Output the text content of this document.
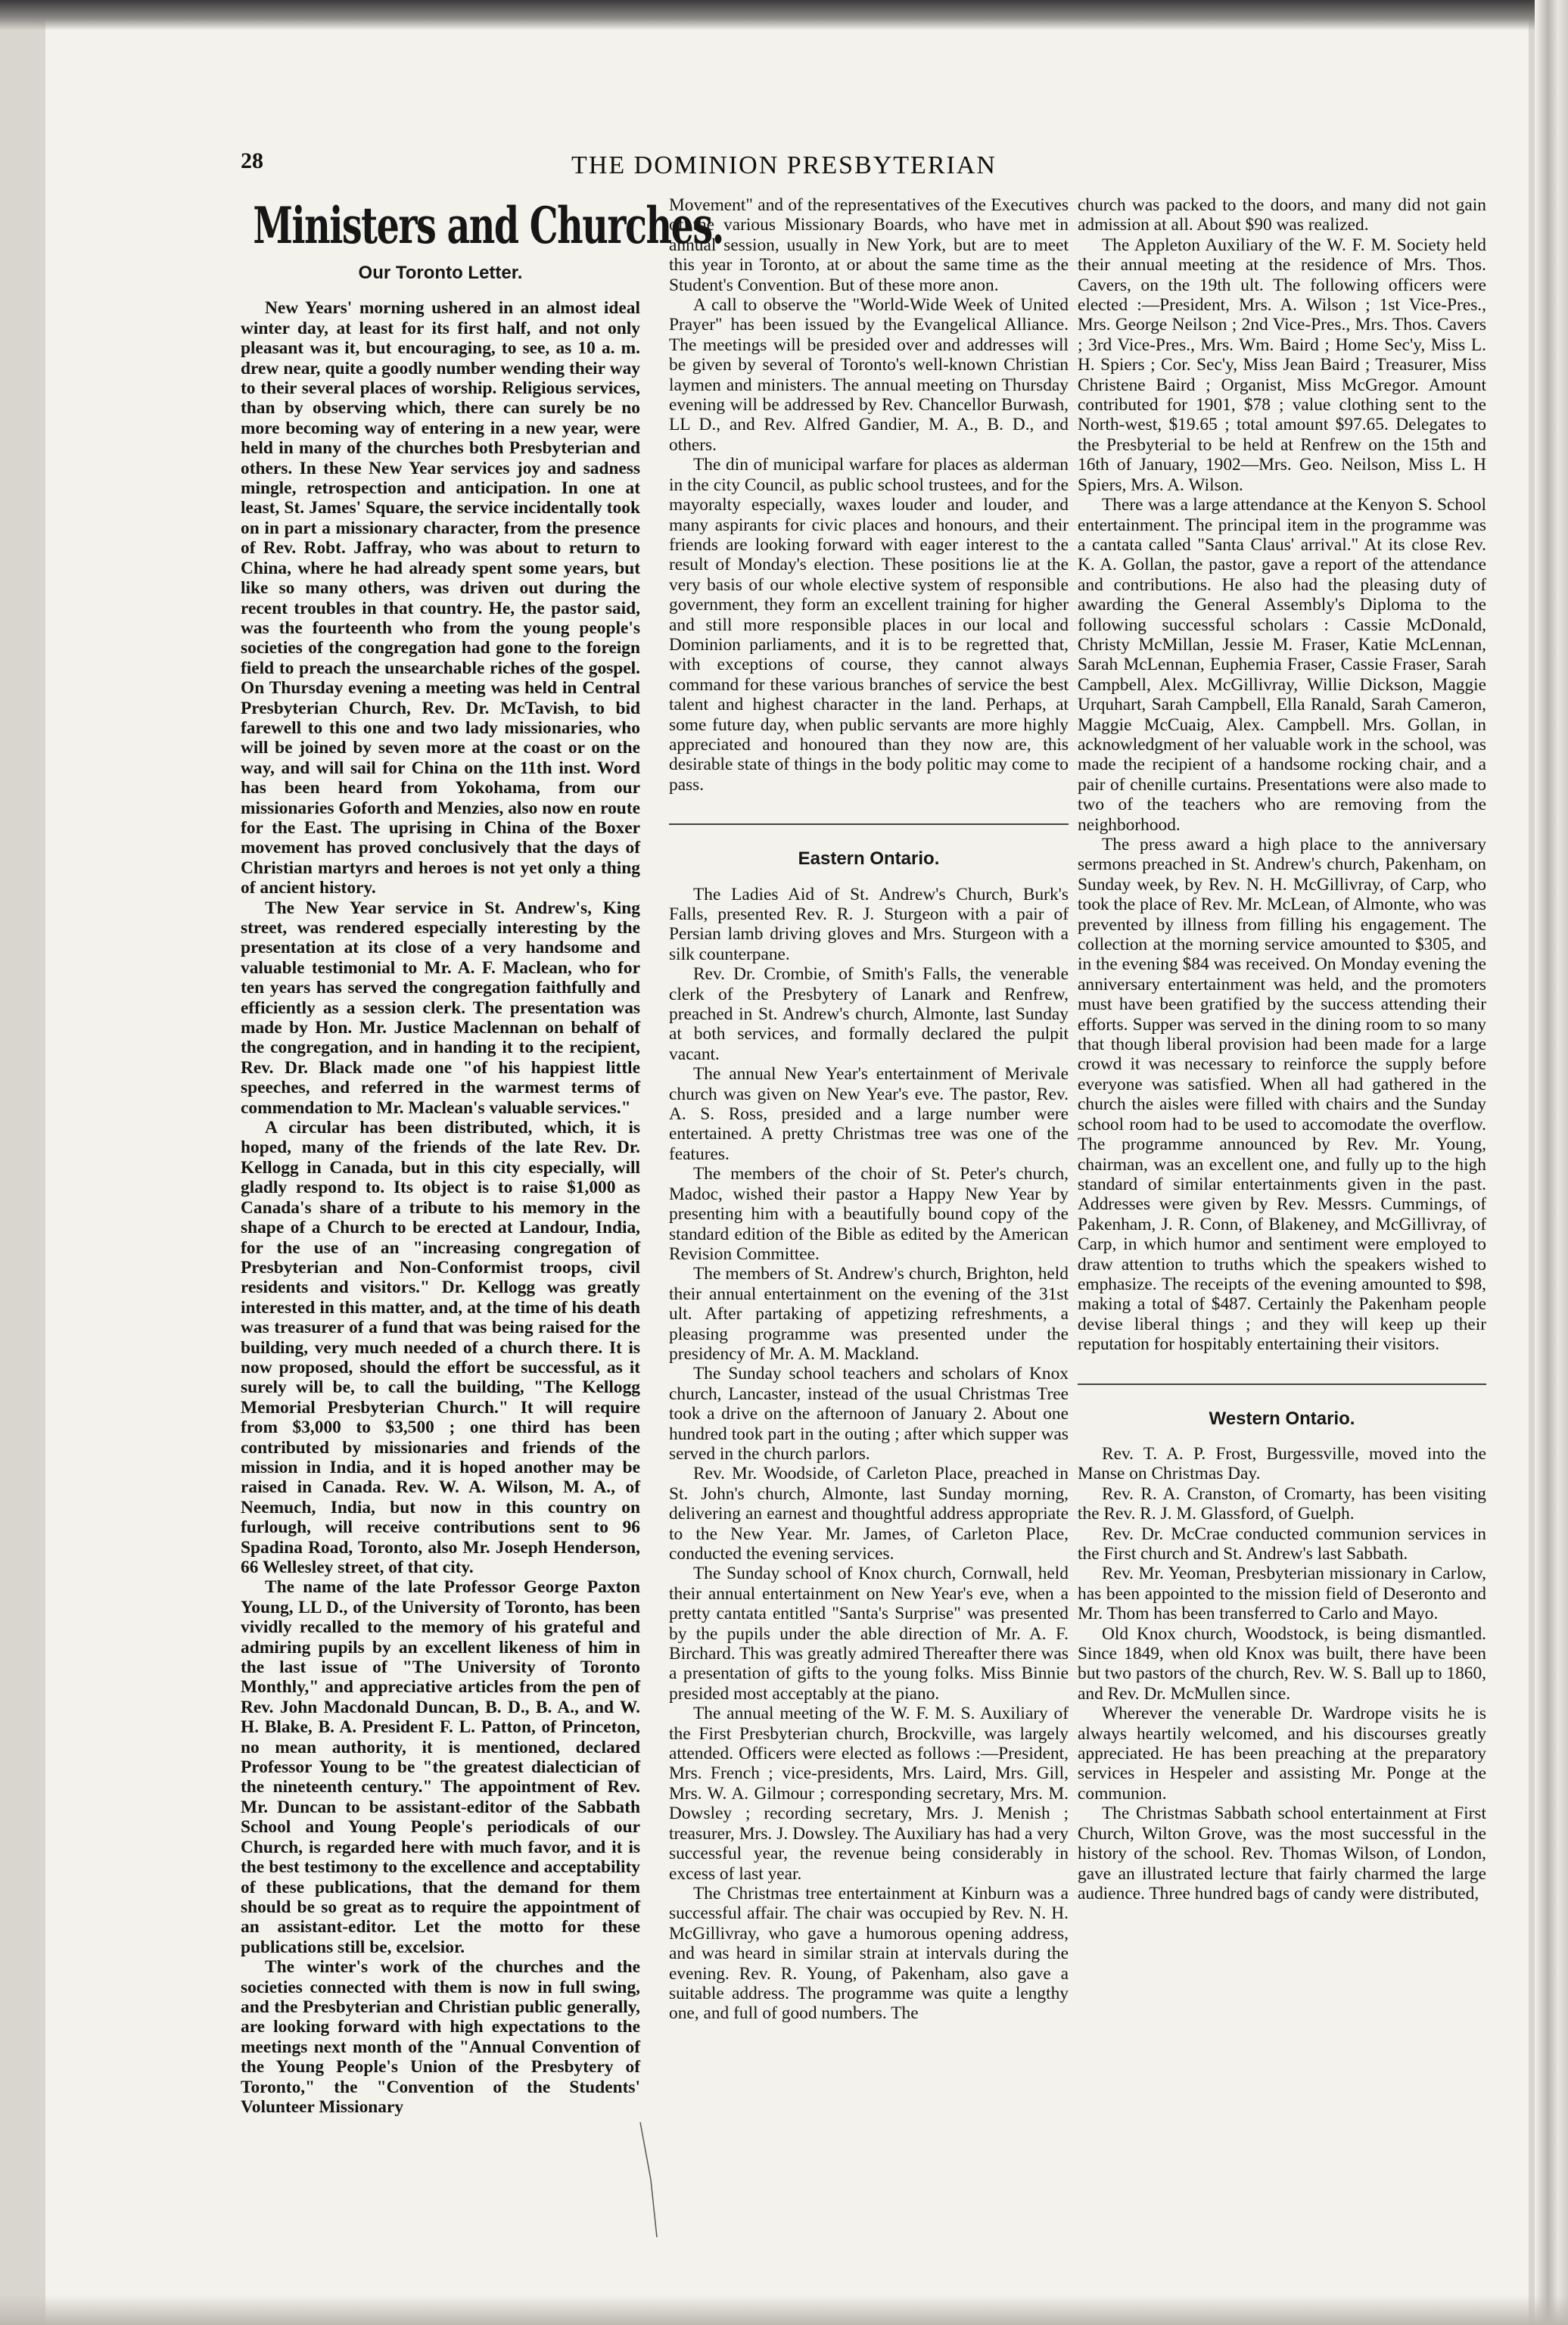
28	THE DOMINION PRESBYTERIAN
Ministers and Churches.
Our Toronto Letter.

New Years' morning ushered in an almost ideal winter day, at least for its first half, and not only pleasant was it, but encouraging, to see, as 10 a. m. drew near, quite a goodly number wending their way to their several places of worship. Religious services, than by observing which, there can surely be no more becoming way of entering in a new year, were held in many of the churches both Presbyterian and others. In these New Year services joy and sadness mingle, retrospection and anticipation. In one at least, St. James' Square, the service incidentally took on in part a missionary character, from the presence of Rev. Robt. Jaffray, who was about to return to China, where he had already spent some years, but like so many others, was driven out during the recent troubles in that country. He, the pastor said, was the fourteenth who from the young people's societies of the congregation had gone to the foreign field to preach the unsearchable riches of the gospel. On Thursday evening a meeting was held in Central Presbyterian Church, Rev. Dr. McTavish, to bid farewell to this one and two lady missionaries, who will be joined by seven more at the coast or on the way, and will sail for China on the 11th inst. Word has been heard from Yokohama, from our missionaries Goforth and Menzies, also now en route for the East. The uprising in China of the Boxer movement has proved conclusively that the days of Christian martyrs and heroes is not yet only a thing of ancient history.

The New Year service in St. Andrew's, King street, was rendered especially interesting by the presentation at its close of a very handsome and valuable testimonial to Mr. A. F. Maclean, who for ten years has served the congregation faithfully and efficiently as a session clerk. The presentation was made by Hon. Mr. Justice Maclennan on behalf of the congregation, and in handing it to the recipient, Rev. Dr. Black made one "of his happiest little speeches, and referred in the warmest terms of commendation to Mr. Maclean's valuable services."

A circular has been distributed, which, it is hoped, many of the friends of the late Rev. Dr. Kellogg in Canada, but in this city especially, will gladly respond to. Its object is to raise $1,000 as Canada's share of a tribute to his memory in the shape of a Church to be erected at Landour, India, for the use of an "increasing congregation of Presbyterian and Non-Conformist troops, civil residents and visitors." Dr. Kellogg was greatly interested in this matter, and, at the time of his death was treasurer of a fund that was being raised for the building, very much needed of a church there. It is now proposed, should the effort be successful, as it surely will be, to call the building, "The Kellogg Memorial Presbyterian Church." It will require from $3,000 to $3,500 ; one third has been contributed by missionaries and friends of the mission in India, and it is hoped another may be raised in Canada. Rev. W. A. Wilson, M. A., of Neemuch, India, but now in this country on furlough, will receive contributions sent to 96 Spadina Road, Toronto, also Mr. Joseph Henderson, 66 Wellesley street, of that city.

The name of the late Professor George Paxton Young, LL D., of the University of Toronto, has been vividly recalled to the memory of his grateful and admiring pupils by an excellent likeness of him in the last issue of "The University of Toronto Monthly," and appreciative articles from the pen of Rev. John Macdonald Duncan, B. D., B. A., and W. H. Blake, B. A. President F. L. Patton, of Princeton, no mean authority, it is mentioned, declared Professor Young to be "the greatest dialectician of the nineteenth century." The appointment of Rev. Mr. Duncan to be assistant-editor of the Sabbath School and Young People's periodicals of our Church, is regarded here with much favor, and it is the best testimony to the excellence and acceptability of these publications, that the demand for them should be so great as to require the appointment of an assistant-editor. Let the motto for these publications still be, excelsior.

The winter's work of the churches and the societies connected with them is now in full swing, and the Presbyterian and Christian public generally, are looking forward with high expectations to the meetings next month of the "Annual Convention of the Young People's Union of the Presbytery of Toronto," the "Convention of the Students' Volunteer Missionary

Movement" and of the representatives of the Executives of the various Missionary Boards, who have met in annual session, usually in New York, but are to meet this year in Toronto, at or about the same time as the Student's Convention. But of these more anon.

A call to observe the "World-Wide Week of United Prayer" has been issued by the Evangelical Alliance. The meetings will be presided over and addresses will be given by several of Toronto's well-known Christian laymen and ministers. The annual meeting on Thursday evening will be addressed by Rev. Chancellor Burwash, LL D., and Rev. Alfred Gandier, M. A., B. D., and others.

The din of municipal warfare for places as alderman in the city Council, as public school trustees, and for the mayoralty especially, waxes louder and louder, and many aspirants for civic places and honours, and their friends are looking forward with eager interest to the result of Monday's election. These positions lie at the very basis of our whole elective system of responsible government, they form an excellent training for higher and still more responsible places in our local and Dominion parliaments, and it is to be regretted that, with exceptions of course, they cannot always command for these various branches of service the best talent and highest character in the land. Perhaps, at some future day, when public servants are more highly appreciated and honoured than they now are, this desirable state of things in the body politic may come to pass.

Eastern Ontario.

The Ladies Aid of St. Andrew's Church, Burk's Falls, presented Rev. R. J. Sturgeon with a pair of Persian lamb driving gloves and Mrs. Sturgeon with a silk counterpane.

Rev. Dr. Crombie, of Smith's Falls, the venerable clerk of the Presbytery of Lanark and Renfrew, preached in St. Andrew's church, Almonte, last Sunday at both services, and formally declared the pulpit vacant.

The annual New Year's entertainment of Merivale church was given on New Year's eve. The pastor, Rev. A. S. Ross, presided and a large number were entertained. A pretty Christmas tree was one of the features.

The members of the choir of St. Peter's church, Madoc, wished their pastor a Happy New Year by presenting him with a beautifully bound copy of the standard edition of the Bible as edited by the American Revision Committee.

The members of St. Andrew's church, Brighton, held their annual entertainment on the evening of the 31st ult. After partaking of appetizing refreshments, a pleasing programme was presented under the presidency of Mr. A. M. Mackland.

The Sunday school teachers and scholars of Knox church, Lancaster, instead of the usual Christmas Tree took a drive on the afternoon of January 2. About one hundred took part in the outing ; after which supper was served in the church parlors.

Rev. Mr. Woodside, of Carleton Place, preached in St. John's church, Almonte, last Sunday morning, delivering an earnest and thoughtful address appropriate to the New Year. Mr. James, of Carleton Place, conducted the evening services.

The Sunday school of Knox church, Cornwall, held their annual entertainment on New Year's eve, when a pretty cantata entitled "Santa's Surprise" was presented by the pupils under the able direction of Mr. A. F. Birchard. This was greatly admired Thereafter there was a presentation of gifts to the young folks. Miss Binnie presided most acceptably at the piano.

The annual meeting of the W. F. M. S. Auxiliary of the First Presbyterian church, Brockville, was largely attended. Officers were elected as follows :—President, Mrs. French ; vice-presidents, Mrs. Laird, Mrs. Gill, Mrs. W. A. Gilmour ; corresponding secretary, Mrs. M. Dowsley ; recording secretary, Mrs. J. Menish ; treasurer, Mrs. J. Dowsley. The Auxiliary has had a very successful year, the revenue being considerably in excess of last year.

The Christmas tree entertainment at Kinburn was a successful affair. The chair was occupied by Rev. N. H. McGillivray, who gave a humorous opening address, and was heard in similar strain at intervals during the evening. Rev. R. Young, of Pakenham, also gave a suitable address. The programme was quite a lengthy one, and full of good numbers. The

church was packed to the doors, and many did not gain admission at all. About $90 was realized.

The Appleton Auxiliary of the W. F. M. Society held their annual meeting at the residence of Mrs. Thos. Cavers, on the 19th ult. The following officers were elected :—President, Mrs. A. Wilson ; 1st Vice-Pres., Mrs. George Neilson ; 2nd Vice-Pres., Mrs. Thos. Cavers ; 3rd Vice-Pres., Mrs. Wm. Baird ; Home Sec'y, Miss L. H. Spiers ; Cor. Sec'y, Miss Jean Baird ; Treasurer, Miss Christene Baird ; Organist, Miss McGregor. Amount contributed for 1901, $78 ; value clothing sent to the North-west, $19.65 ; total amount $97.65. Delegates to the Presbyterial to be held at Renfrew on the 15th and 16th of January, 1902—Mrs. Geo. Neilson, Miss L. H Spiers, Mrs. A. Wilson.

There was a large attendance at the Kenyon S. School entertainment. The principal item in the programme was a cantata called "Santa Claus' arrival." At its close Rev. K. A. Gollan, the pastor, gave a report of the attendance and contributions. He also had the pleasing duty of awarding the General Assembly's Diploma to the following successful scholars : Cassie McDonald, Christy McMillan, Jessie M. Fraser, Katie McLennan, Sarah McLennan, Euphemia Fraser, Cassie Fraser, Sarah Campbell, Alex. McGillivray, Willie Dickson, Maggie Urquhart, Sarah Campbell, Ella Ranald, Sarah Cameron, Maggie McCuaig, Alex. Campbell. Mrs. Gollan, in acknowledgment of her valuable work in the school, was made the recipient of a handsome rocking chair, and a pair of chenille curtains. Presentations were also made to two of the teachers who are removing from the neighborhood.

The press award a high place to the anniversary sermons preached in St. Andrew's church, Pakenham, on Sunday week, by Rev. N. H. McGillivray, of Carp, who took the place of Rev. Mr. McLean, of Almonte, who was prevented by illness from filling his engagement. The collection at the morning service amounted to $305, and in the evening $84 was received. On Monday evening the anniversary entertainment was held, and the promoters must have been gratified by the success attending their efforts. Supper was served in the dining room to so many that though liberal provision had been made for a large crowd it was necessary to reinforce the supply before everyone was satisfied. When all had gathered in the church the aisles were filled with chairs and the Sunday school room had to be used to accomodate the overflow. The programme announced by Rev. Mr. Young, chairman, was an excellent one, and fully up to the high standard of similar entertainments given in the past. Addresses were given by Rev. Messrs. Cummings, of Pakenham, J. R. Conn, of Blakeney, and McGillivray, of Carp, in which humor and sentiment were employed to draw attention to truths which the speakers wished to emphasize. The receipts of the evening amounted to $98, making a total of $487. Certainly the Pakenham people devise liberal things ; and they will keep up their reputation for hospitably entertaining their visitors.

Western Ontario.

Rev. T. A. P. Frost, Burgessville, moved into the Manse on Christmas Day.

Rev. R. A. Cranston, of Cromarty, has been visiting the Rev. R. J. M. Glassford, of Guelph.

Rev. Dr. McCrae conducted communion services in the First church and St. Andrew's last Sabbath.

Rev. Mr. Yeoman, Presbyterian missionary in Carlow, has been appointed to the mission field of Deseronto and Mr. Thom has been transferred to Carlo and Mayo.

Old Knox church, Woodstock, is being dismantled. Since 1849, when old Knox was built, there have been but two pastors of the church, Rev. W. S. Ball up to 1860, and Rev. Dr. McMullen since.

Wherever the venerable Dr. Wardrope visits he is always heartily welcomed, and his discourses greatly appreciated. He has been preaching at the preparatory services in Hespeler and assisting Mr. Ponge at the communion.

The Christmas Sabbath school entertainment at First Church, Wilton Grove, was the most successful in the history of the school. Rev. Thomas Wilson, of London, gave an illustrated lecture that fairly charmed the large audience. Three hundred bags of candy were distributed,
